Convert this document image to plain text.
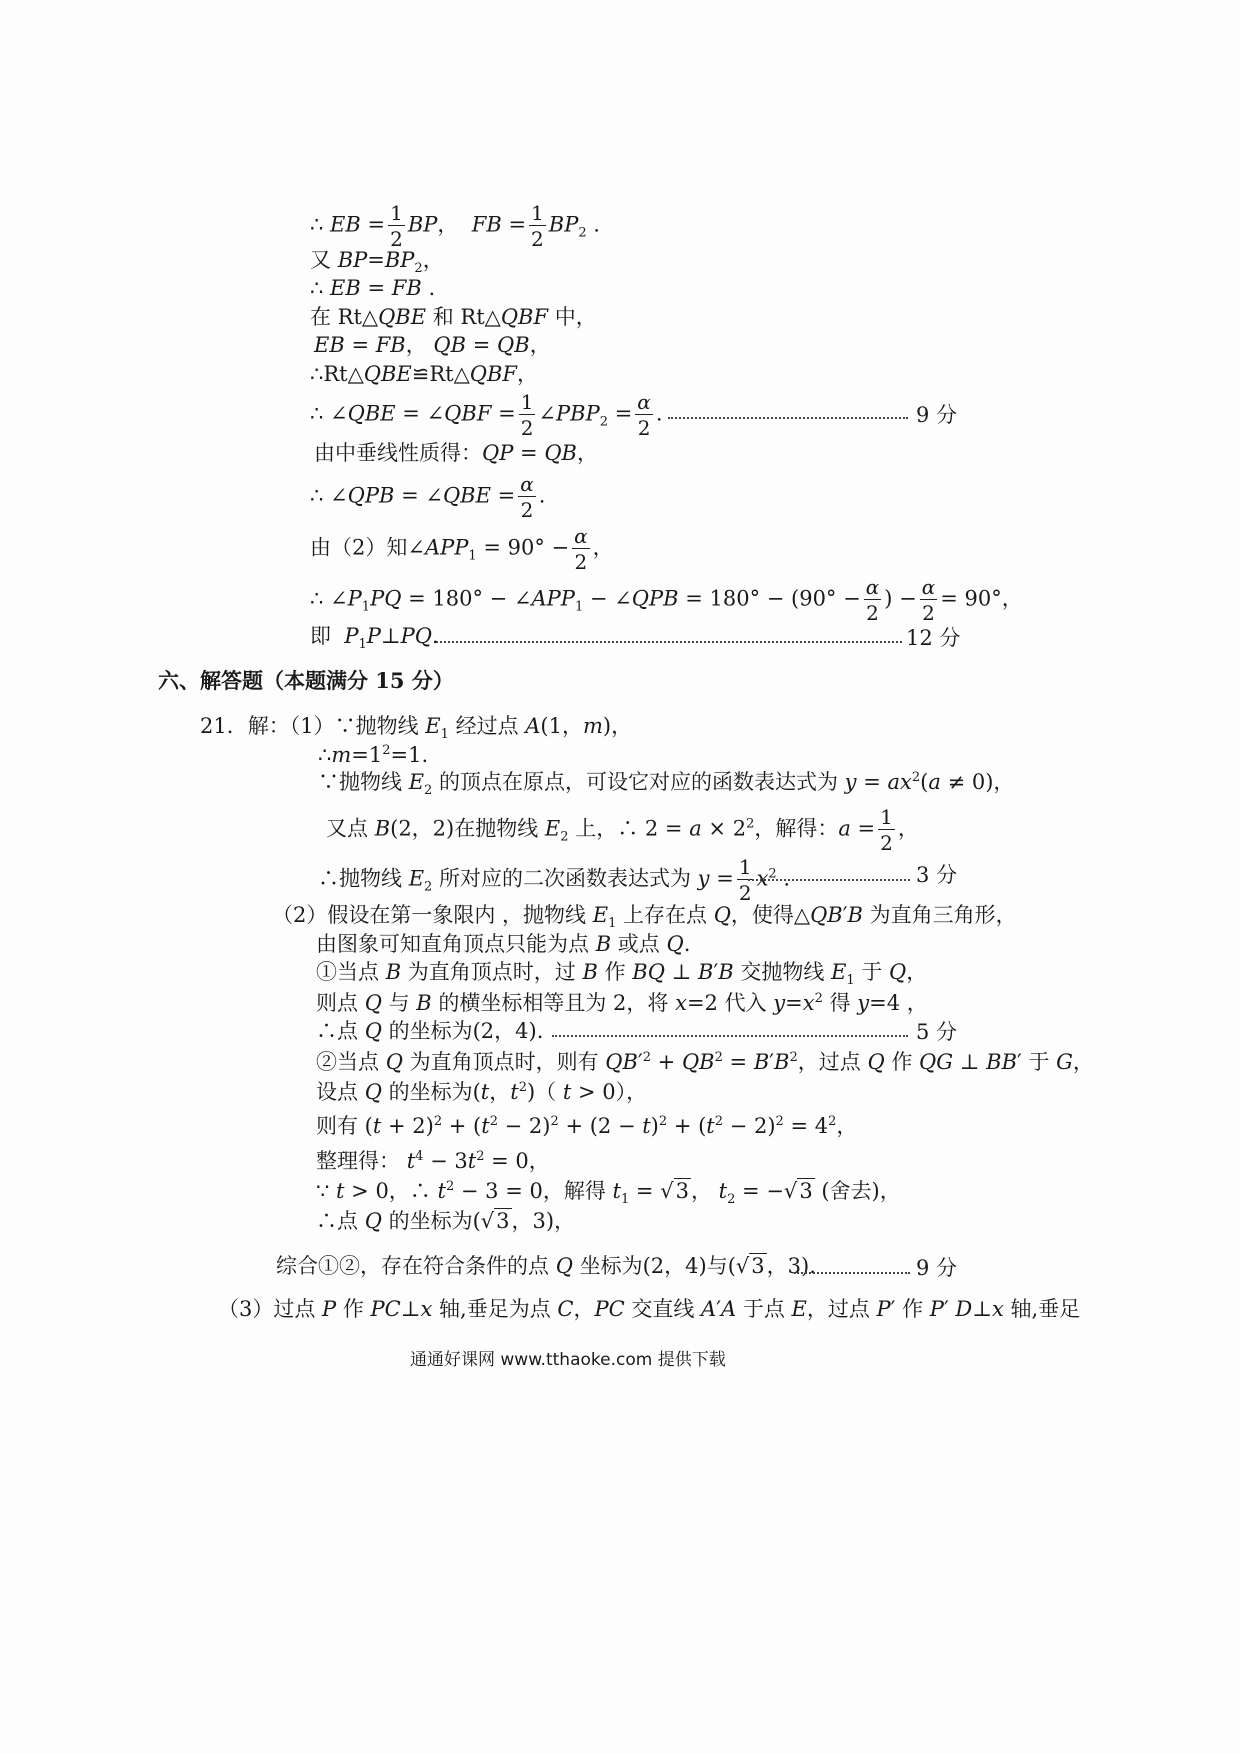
∴ EB = $\frac{1}{2}$ BP，  FB = $\frac{1}{2} BP_2$ .
又 $BP=BP_2$，
∴ EB = FB .
在 Rt△QBE 和 Rt△QBF 中，
EB = FB， QB = QB，
∴Rt△QBE≌Rt△QBF，
∴ ∠QBE = ∠QBF = $\frac{1}{2}$ $\angle PBP_2 = \frac{\alpha}{2}$ .	9 分
由中垂线性质得：QP = QB，
∴ ∠QPB = ∠QBE = $\frac{\alpha}{2}$ .
由（2）知$\angle APP_1 = 90^\circ - \frac{\alpha}{2}$ ，
∴ $\angle P_1PQ = 180^\circ$ − $\angle APP_1$ − ∠QPB = $180^\circ - (90^\circ - \frac{\alpha}{2}$ ) − $\frac{\alpha}{2} = 90^\circ$，
即  $P_1P\perp PQ$.	12 分
六、解答题（本题满分 15 分）
21．解：（1）∵抛物线 $E_1$ 经过点 A(1，m)，
$\therefore m=1^2=1$.
∵抛物线 $E_2$ 的顶点在原点，可设它对应的函数表达式为 $y = ax^2(a \ne 0)$，
又点 B(2，2)在抛物线 $E_2$ 上，∴ $2 = a \times 2^2$，解得：$a = \frac{1}{2}$ ，
∴抛物线 $E_2$ 所对应的二次函数表达式为 $y = \frac{1}{2} x^2$ .	3 分
（2）假设在第一象限内 ，抛物线 $E_1$ 上存在点 Q，使得△QB′B 为直角三角形，
由图象可知直角顶点只能为点 B 或点 Q.
①当点 B 为直角顶点时，过 B 作 BQ ⊥ B′B 交抛物线 $E_1$ 于 Q，
则点 Q 与 B 的横坐标相等且为 2，将 x=2 代入 $y=x^2$ 得 y=4 ，
∴点 Q 的坐标为(2，4).	5 分
②当点 Q 为直角顶点时，则有 $QB'^2 + QB^2 = B'B^2$，过点 Q 作 QG ⊥ BB′ 于 G，
设点 Q 的坐标为(t，$t^2$)（ t > 0），
则有 $(t + 2)^2 + (t^2 - 2)^2 + (2 - t)^2 + (t^2 - 2)^2 = 4^2$，
整理得： $t^4 - 3t^2 = 0$，
∵ t > 0，∴ $t^2 - 3 = 0$，解得 $t_1 = √3$， $t_2 = -√3$ (舍去)，
∴点 Q 的坐标为(√3，3)，
综合①②，存在符合条件的点 Q 坐标为(2，4)与(√3，3).	9 分
（3）过点 P 作 PC⊥x 轴,垂足为点 C，PC 交直线 A′A 于点 E，过点 P′ 作 P′ D⊥x 轴,垂足
通通好课网 www.tthaoke.com 提供下载
